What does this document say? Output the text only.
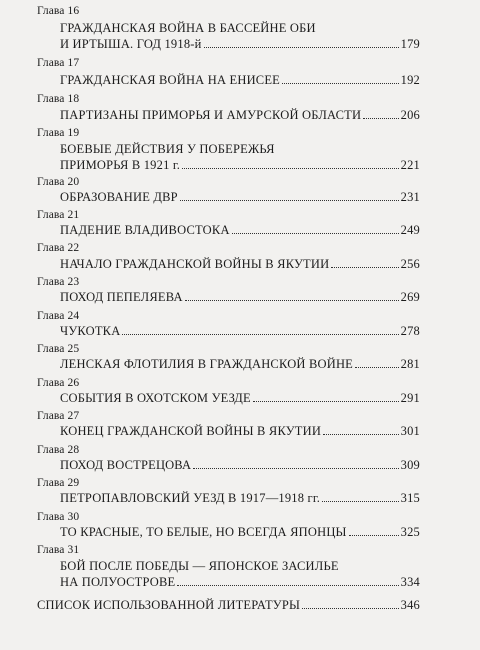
Глава 16
ГРАЖДАНСКАЯ ВОЙНА В БАССЕЙНЕ ОБИ
И ИРТЫША. ГОД 1918-й	179
Глава 17
ГРАЖДАНСКАЯ ВОЙНА НА ЕНИСЕЕ	192
Глава 18
ПАРТИЗАНЫ ПРИМОРЬЯ И АМУРСКОЙ ОБЛАСТИ	206
Глава 19
БОЕВЫЕ ДЕЙСТВИЯ У ПОБЕРЕЖЬЯ
ПРИМОРЬЯ В 1921 г.	221
Глава 20
ОБРАЗОВАНИЕ ДВР	231
Глава 21
ПАДЕНИЕ ВЛАДИВОСТОКА	249
Глава 22
НАЧАЛО ГРАЖДАНСКОЙ ВОЙНЫ В ЯКУТИИ	256
Глава 23
ПОХОД ПЕПЕЛЯЕВА	269
Глава 24
ЧУКОТКА	278
Глава 25
ЛЕНСКАЯ ФЛОТИЛИЯ В ГРАЖДАНСКОЙ ВОЙНЕ	281
Глава 26
СОБЫТИЯ В ОХОТСКОМ УЕЗДЕ	291
Глава 27
КОНЕЦ ГРАЖДАНСКОЙ ВОЙНЫ В ЯКУТИИ	301
Глава 28
ПОХОД ВОСТРЕЦОВА	309
Глава 29
ПЕТРОПАВЛОВСКИЙ УЕЗД В 1917—1918 гг.	315
Глава 30
ТО КРАСНЫЕ, ТО БЕЛЫЕ, НО ВСЕГДА ЯПОНЦЫ	325
Глава 31
БОЙ ПОСЛЕ ПОБЕДЫ — ЯПОНСКОЕ ЗАСИЛЬЕ
НА ПОЛУОСТРОВЕ	334
СПИСОК ИСПОЛЬЗОВАННОЙ ЛИТЕРАТУРЫ	346
